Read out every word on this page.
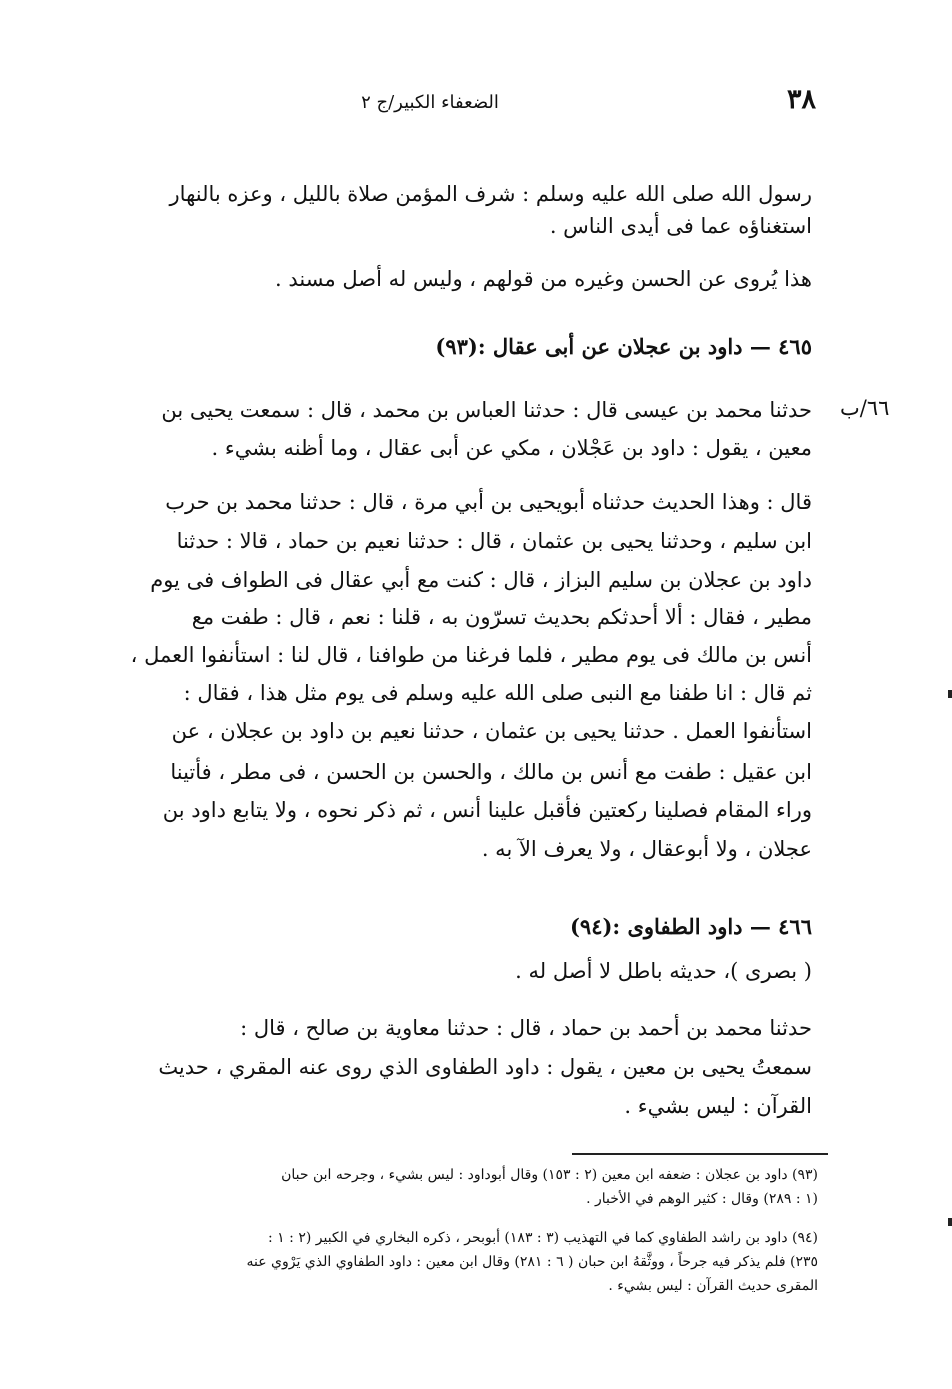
٣٨
الضعفاء الكبير/ج ٢
رسول الله صلى الله عليه وسلم : شرف المؤمن صلاة بالليل ، وعزه بالنهار
استغناؤه عما فى أيدى الناس .
هذا يُروى عن الحسن وغيره من قولهم ، وليس له أصل مسند .
٤٦٥ — داود بن عجلان عن أبى عقال :(٩٣)
٦٦/ب
حدثنا محمد بن عيسى قال : حدثنا العباس بن محمد ، قال : سمعت يحيى بن
معين ، يقول : داود بن عَجْلان ، مكي عن أبى عقال ، وما أظنه بشيء .
قال : وهذا الحديث حدثناه أبويحيى بن أبي مرة ، قال : حدثنا محمد بن حرب
ابن سليم ، وحدثنا يحيى بن عثمان ، قال : حدثنا نعيم بن حماد ، قالا : حدثنا
داود بن عجلان بن سليم البزاز ، قال : كنت مع أبي عقال فى الطواف فى يوم
مطير ، فقال : ألا أحدثكم بحديث تسرّون به ، قلنا : نعم ، قال : طفت مع
أنس بن مالك فى يوم مطير ، فلما فرغنا من طوافنا ، قال لنا : استأنفوا العمل ،
ثم قال : انا طفنا مع النبى صلى الله عليه وسلم فى يوم مثل هذا ، فقال :
استأنفوا العمل . حدثنا يحيى بن عثمان ، حدثنا نعيم بن داود بن عجلان ، عن
ابن عقيل : طفت مع أنس بن مالك ، والحسن بن الحسن ، فى مطر ، فأتينا
وراء المقام فصلينا ركعتين فأقبل علينا أنس ، ثم ذكر نحوه ، ولا يتابع داود بن
عجلان ، ولا أبوعقال ، ولا يعرف الآ به .
٤٦٦ — داود الطفاوى :(٩٤)
( بصرى )، حديثه باطل لا أصل له .
حدثنا محمد بن أحمد بن حماد ، قال : حدثنا معاوية بن صالح ، قال :
سمعتُ يحيى بن معين ، يقول : داود الطفاوى الذي روى عنه المقري ، حديث
القرآن : ليس بشيء .
(٩٣) داود بن عجلان : ضعفه ابن معين (٢ : ١٥٣) وقال أبوداود : ليس بشيء ، وجرحه ابن حبان
(١ : ٢٨٩) وقال : كثير الوهم في الأخبار .
(٩٤) داود بن راشد الطفاوي كما في التهذيب (٣ : ١٨٣) أبوبحر ، ذكره البخاري في الكبير (٢ : ١ :
٢٣٥) فلم يذكر فيه جرحاً ، ووثَّقهُ ابن حبان ( ٦ : ٢٨١) وقال ابن معين : داود الطفاوي الذي يَرْوي عنه
المقرى حديث القرآن : ليس بشيء .
